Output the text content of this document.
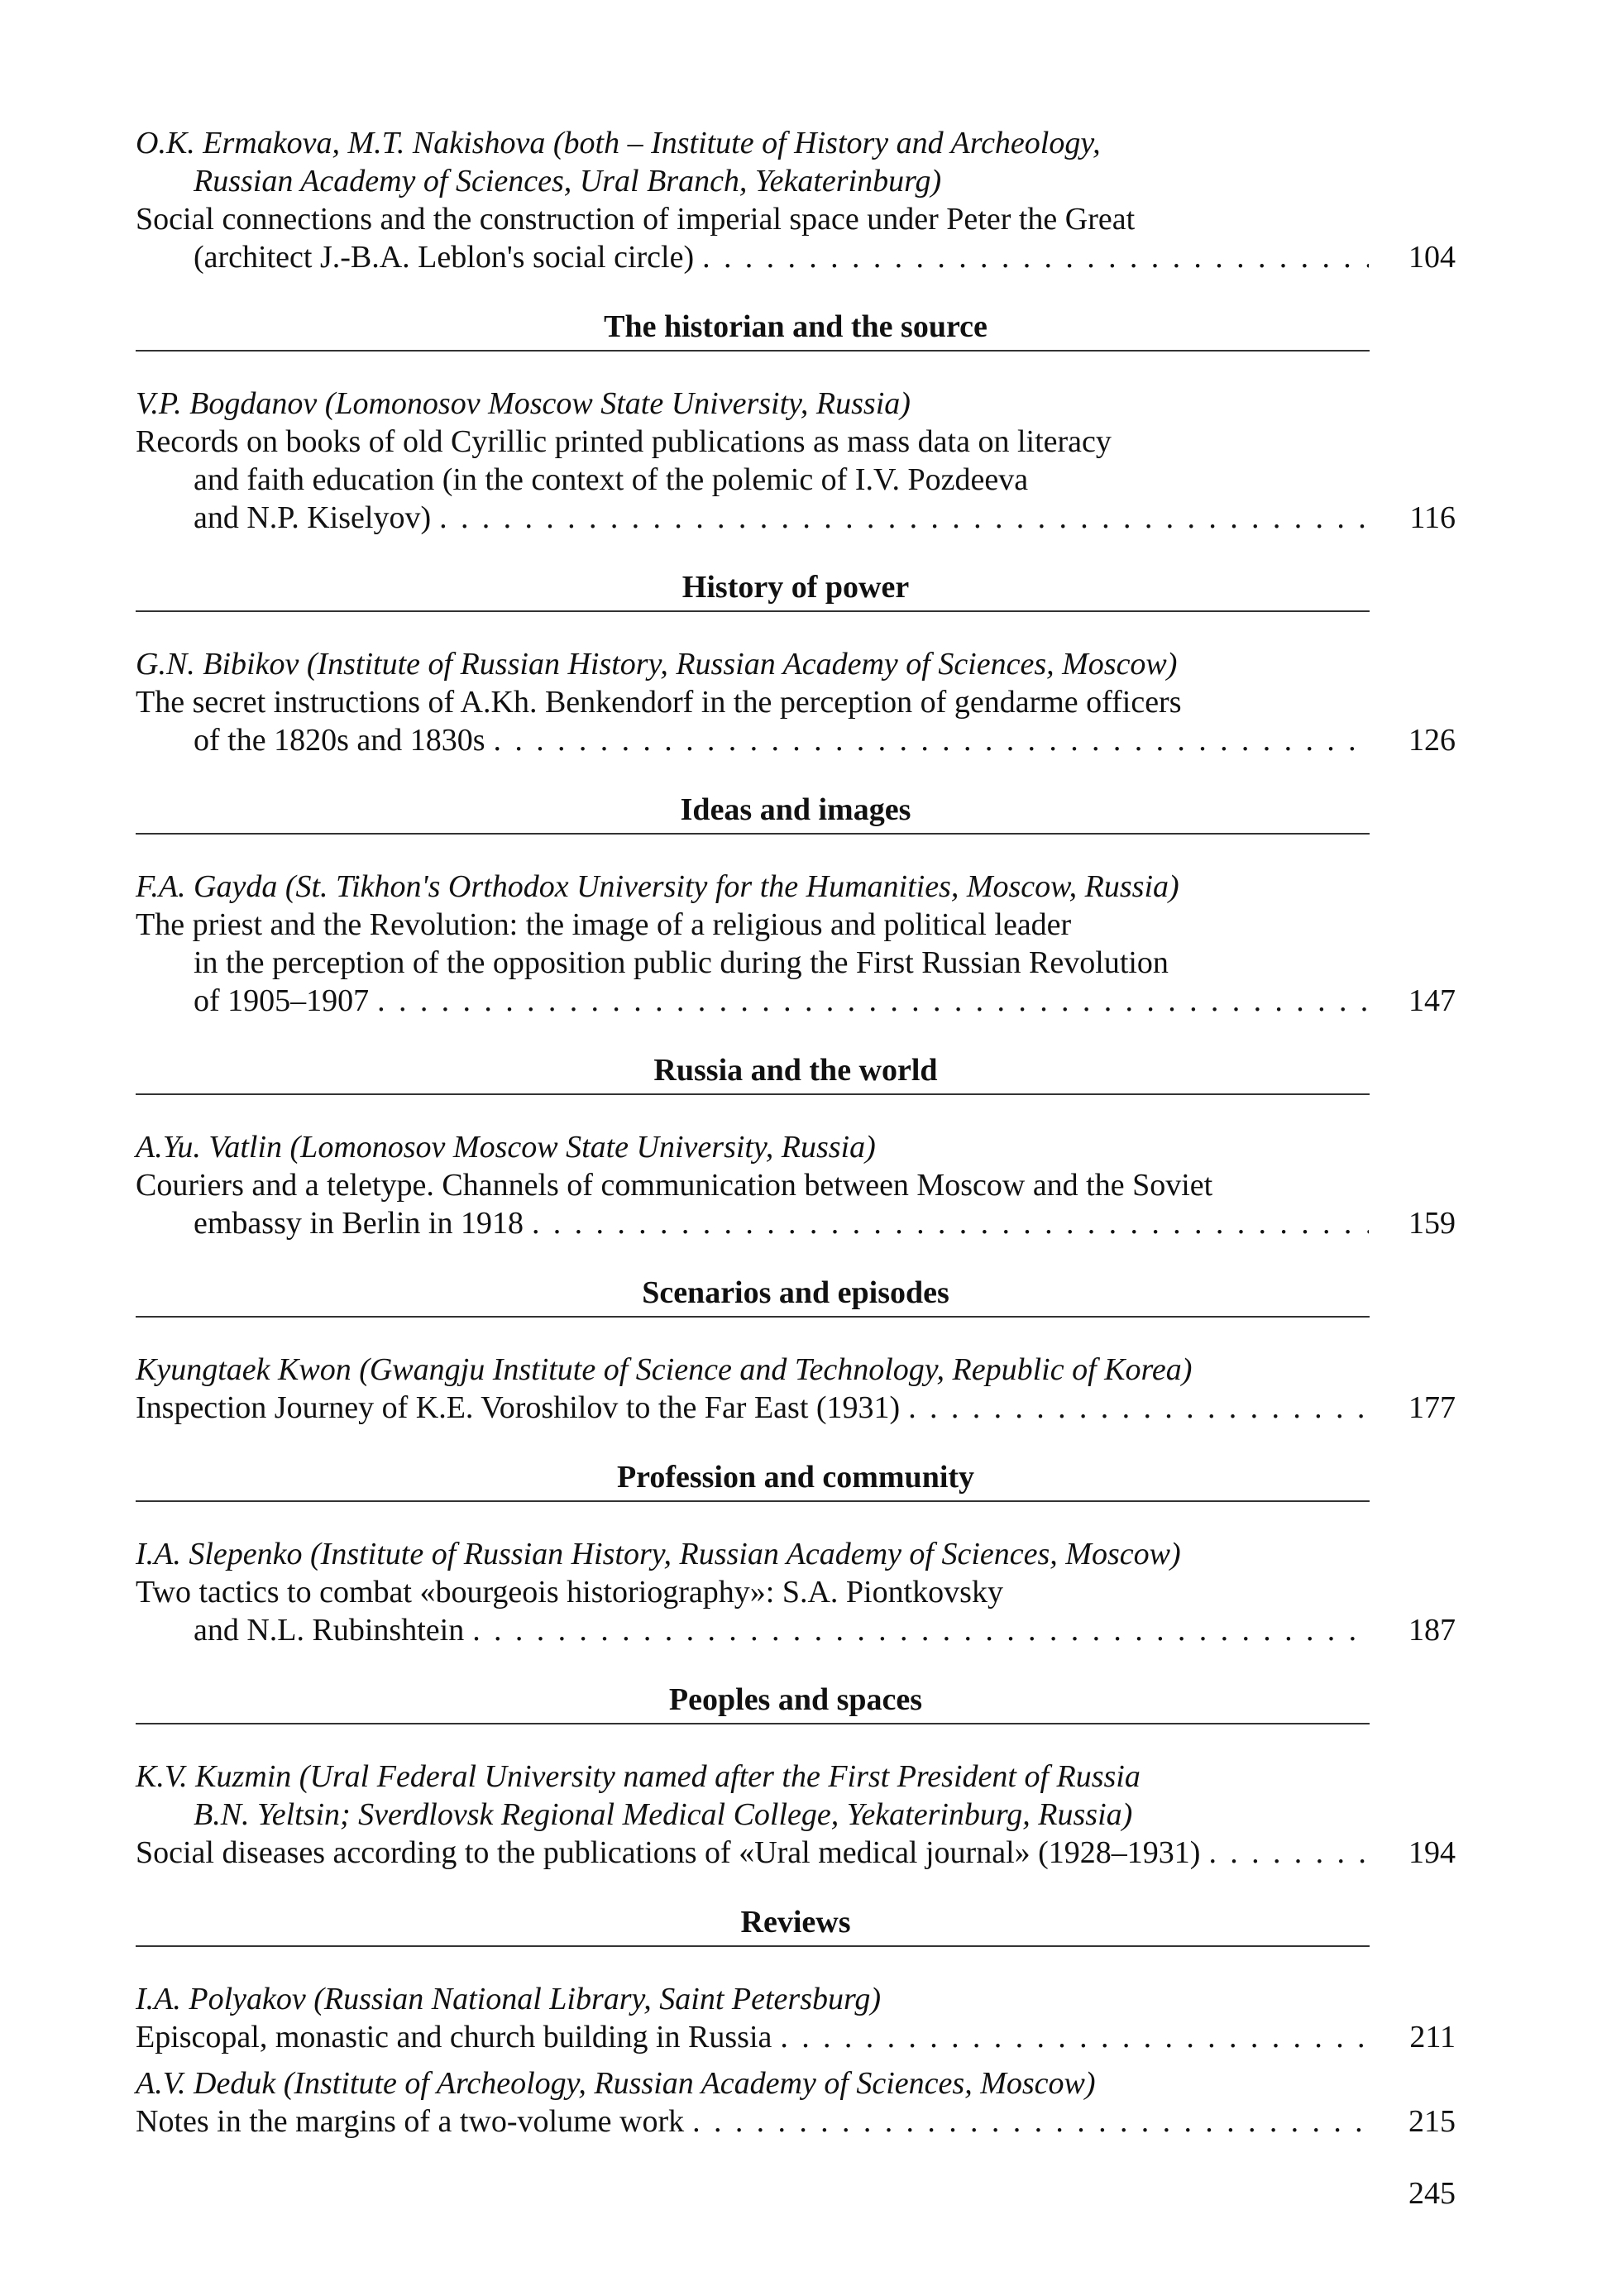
O.K. Ermakova, M.T. Nakishova (both – Institute of History and Archeology,
Russian Academy of Sciences, Ural Branch, Yekaterinburg)
Social connections and the construction of imperial space under Peter the Great
(architect J.-B.A. Leblon's social circle) . . .	104
The historian and the source
V.P. Bogdanov (Lomonosov Moscow State University, Russia)
Records on books of old Cyrillic printed publications as mass data on literacy
and faith education (in the context of the polemic of I.V. Pozdeeva
and N.P. Kiselyov) . . .	116
History of power
G.N. Bibikov (Institute of Russian History, Russian Academy of Sciences, Moscow)
The secret instructions of A.Kh. Benkendorf in the perception of gendarme officers
of the 1820s and 1830s . . .	126
Ideas and images
F.A. Gayda (St. Tikhon's Orthodox University for the Humanities, Moscow, Russia)
The priest and the Revolution: the image of a religious and political leader
in the perception of the opposition public during the First Russian Revolution
of 1905–1907 . . .	147
Russia and the world
A.Yu. Vatlin (Lomonosov Moscow State University, Russia)
Couriers and a teletype. Channels of communication between Moscow and the Soviet
embassy in Berlin in 1918 . . .	159
Scenarios and episodes
Kyungtaek Kwon (Gwangju Institute of Science and Technology, Republic of Korea)
Inspection Journey of K.E. Voroshilov to the Far East (1931) . . .	177
Profession and community
I.A. Slepenko (Institute of Russian History, Russian Academy of Sciences, Moscow)
Two tactics to combat «bourgeois historiography»: S.A. Piontkovsky
and N.L. Rubinshtein . . .	187
Peoples and spaces
K.V. Kuzmin (Ural Federal University named after the First President of Russia
B.N. Yeltsin; Sverdlovsk Regional Medical College, Yekaterinburg, Russia)
Social diseases according to the publications of «Ural medical journal» (1928–1931) . . .	194
Reviews
I.A. Polyakov (Russian National Library, Saint Petersburg)
Episcopal, monastic and church building in Russia . . .	211
A.V. Deduk (Institute of Archeology, Russian Academy of Sciences, Moscow)
Notes in the margins of a two-volume work . . .	215
245
